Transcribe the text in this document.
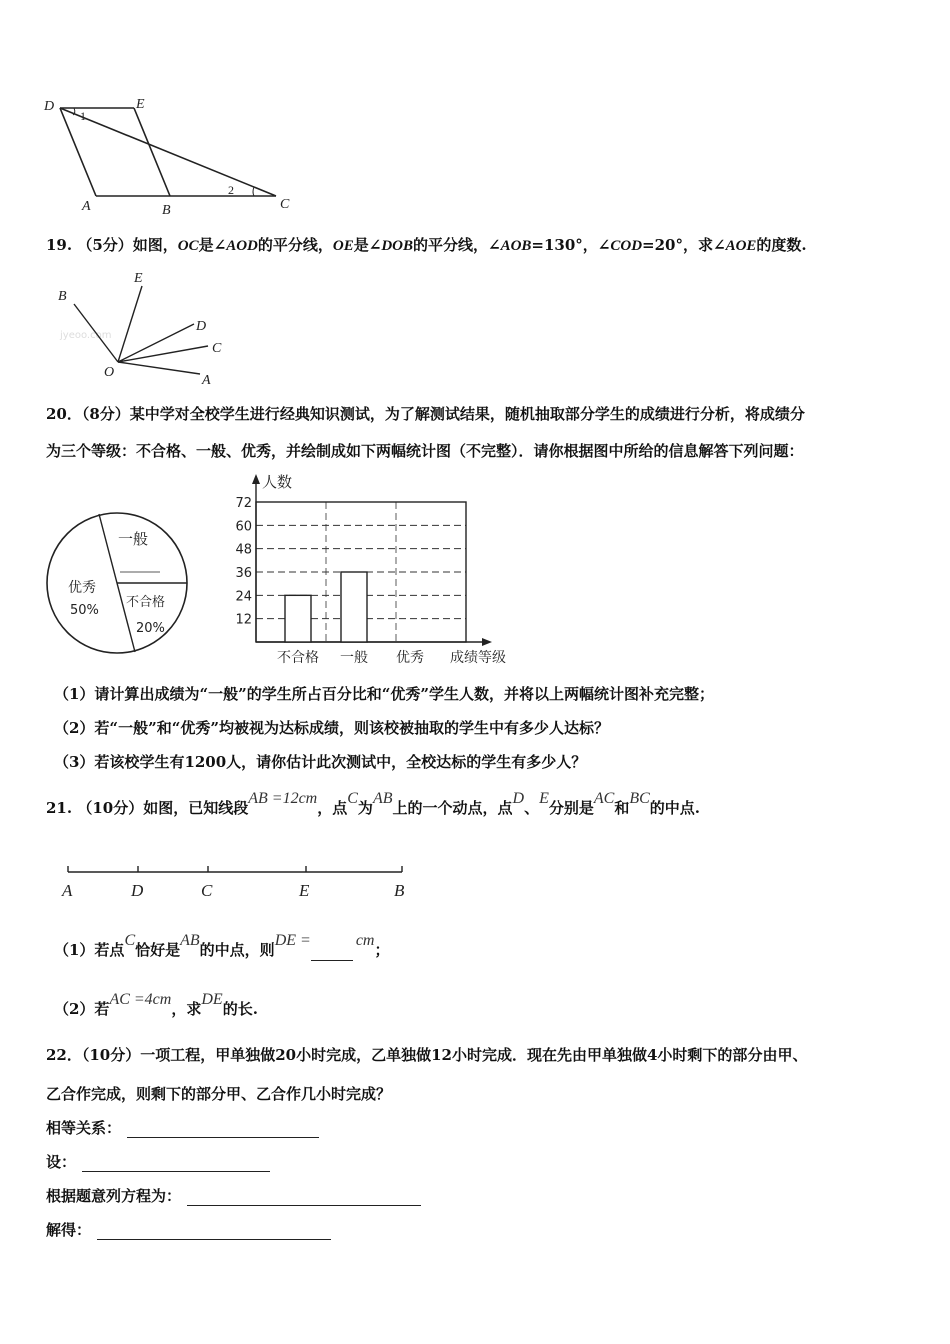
D	E
A	B	C
1
2
19. （5分）如图，OC是∠AOD的平分线，OE是∠DOB的平分线，∠AOB=130°，∠COD=20°，求∠AOE的度数.
jyeoo.com
B
E
D
C
O
A
20．（8分）某中学对全校学生进行经典知识测试，为了解测试结果，随机抽取部分学生的成绩进行分析，将成绩分
为三个等级：不合格、一般、优秀，并绘制成如下两幅统计图（不完整）．请你根据图中所给的信息解答下列问题：
一般
优秀
50%
不合格
20%
人数
成绩等级
12
24
36
48
60
72
不合格 一般 优秀
（1）请计算出成绩为“一般”的学生所占百分比和“优秀”学生人数，并将以上两幅统计图补充完整；
（2）若“一般”和“优秀”均被视为达标成绩，则该校被抽取的学生中有多少人达标？
（3）若该校学生有1200人，请你估计此次测试中，全校达标的学生有多少人？
21. （10分）如图，已知线段AB =12cm，点C为AB上的一个动点，点D、E分别是AC和BC的中点.
A	D	C	E	B
（1）若点C恰好是AB的中点，则DE =	cm；
（2）若AC =4cm，求DE的长.
22．（10分）一项工程，甲单独做20小时完成，乙单独做12小时完成．现在先由甲单独做4小时剩下的部分由甲、
乙合作完成，则剩下的部分甲、乙合作几小时完成？
相等关系：
设：
根据题意列方程为：
解得：
